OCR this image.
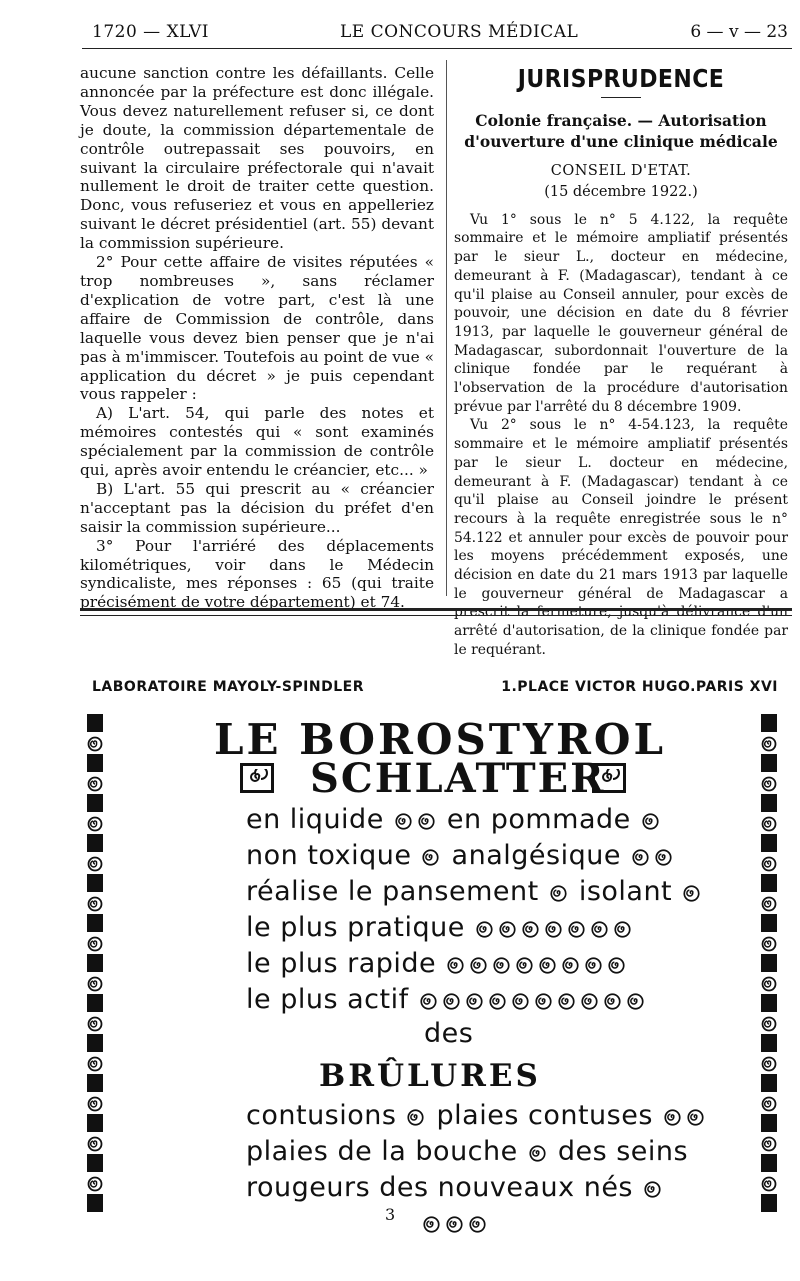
1720 — XLVI	LE CONCOURS MÉDICAL	6 — v — 23

aucune sanction contre les défaillants. Celle annoncée par la préfecture est donc illégale. Vous devez naturellement refuser si, ce dont je doute, la commission départementale de contrôle outrepassait ses pouvoirs, en suivant la circulaire préfectorale qui n'avait nullement le droit de traiter cette question. Donc, vous refuseriez et vous en appelleriez suivant le décret présidentiel (art. 55) devant la commission supérieure.

2° Pour cette affaire de visites réputées « trop nombreuses », sans réclamer d'explication de votre part, c'est là une affaire de Commission de contrôle, dans laquelle vous devez bien penser que je n'ai pas à m'immiscer. Toutefois au point de vue « application du décret » je puis cependant vous rappeler :

A) L'art. 54, qui parle des notes et mémoires contestés qui « sont examinés spécialement par la commission de contrôle qui, après avoir entendu le créancier, etc... »

B) L'art. 55 qui prescrit au « créancier n'acceptant pas la décision du préfet d'en saisir la commission supérieure...

3° Pour l'arriéré des déplacements kilométriques, voir dans le Médecin syndicaliste, mes réponses : 65 (qui traite précisément de votre département) et 74.

JURISPRUDENCE
Colonie française. — Autorisation d'ouverture d'une clinique médicale
CONSEIL D'ETAT.
(15 décembre 1922.)

Vu 1° sous le n° 5 4.122, la requête sommaire et le mémoire ampliatif présentés par le sieur L., docteur en médecine, demeurant à F. (Madagascar), tendant à ce qu'il plaise au Conseil annuler, pour excès de pouvoir, une décision en date du 8 février 1913, par laquelle le gouverneur général de Madagascar, subordonnait l'ouverture de la clinique fondée par le requérant à l'observation de la procédure d'autorisation prévue par l'arrêté du 8 décembre 1909.

Vu 2° sous le n° 4-54.123, la requête sommaire et le mémoire ampliatif présentés par le sieur L. docteur en médecine, demeurant à F. (Madagascar) tendant à ce qu'il plaise au Conseil joindre le présent recours à la requête enregistrée sous le n° 54.122 et annuler pour excès de pouvoir pour les moyens précédemment exposés, une décision en date du 21 mars 1913 par laquelle le gouverneur général de Madagascar a prescrit la fermeture, jusqu'à délivrance d'un arrêté d'autorisation, de la clinique fondée par le requérant.

LABORATOIRE MAYOLY-SPINDLER	1.PLACE VICTOR HUGO.PARIS XVI
LE BOROSTYROL
SCHLATTER
en liquide en pommade
non toxique analgésique
réalise le pansement isolant
le plus pratique
le plus rapide
le plus actif
des
BRÛLURES
contusions plaies contuses
plaies de la bouche des seins
rougeurs des nouveaux nés
3
